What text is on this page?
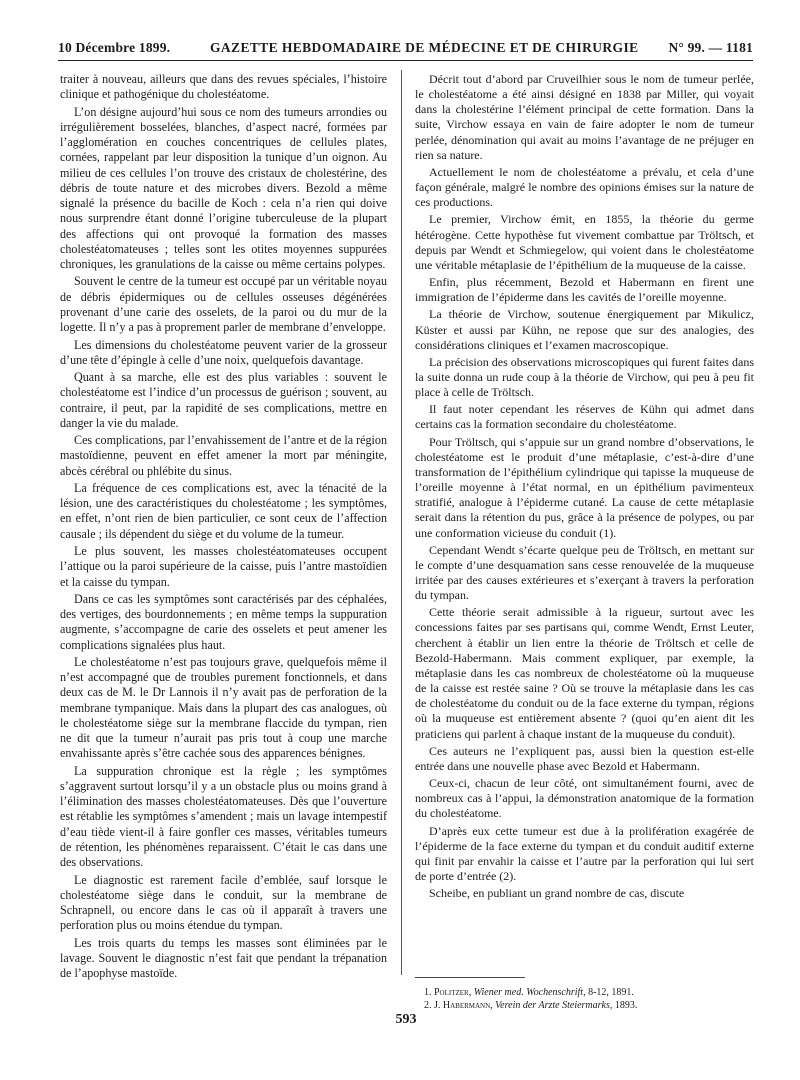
10 Décembre 1899.	GAZETTE HEBDOMADAIRE DE MÉDECINE ET DE CHIRURGIE N° 99. — 1181

traiter à nouveau, ailleurs que dans des revues spéciales, l’histoire clinique et pathogénique du cholestéatome.

L’on désigne aujourd’hui sous ce nom des tumeurs arrondies ou irrégulièrement bosselées, blanches, d’aspect nacré, formées par l’agglomération en couches concentriques de cellules plates, cornées, rappelant par leur disposition la tunique d’un oignon. Au milieu de ces cellules l’on trouve des cristaux de cholestérine, des débris de toute nature et des microbes divers. Bezold a même signalé la présence du bacille de Koch : cela n’a rien qui doive nous surprendre étant donné l’origine tuberculeuse de la plupart des affections qui ont provoqué la formation des masses cholestéatomateuses ; telles sont les otites moyennes suppurées chroniques, les granulations de la caisse ou même certains polypes.

Souvent le centre de la tumeur est occupé par un véritable noyau de débris épidermiques ou de cellules osseuses dégénérées provenant d’une carie des osselets, de la paroi ou du mur de la logette. Il n’y a pas à proprement parler de membrane d’enveloppe.

Les dimensions du cholestéatome peuvent varier de la grosseur d’une tête d’épingle à celle d’une noix, quelquefois davantage.

Quant à sa marche, elle est des plus variables : souvent le cholestéatome est l’indice d’un processus de guérison ; souvent, au contraire, il peut, par la rapidité de ses complications, mettre en danger la vie du malade.

Ces complications, par l’envahissement de l’antre et de la région mastoïdienne, peuvent en effet amener la mort par méningite, abcès cérébral ou phlébite du sinus.

La fréquence de ces complications est, avec la ténacité de la lésion, une des caractéristiques du cholestéatome ; les symptômes, en effet, n’ont rien de bien particulier, ce sont ceux de l’affection causale ; ils dépendent du siège et du volume de la tumeur.

Le plus souvent, les masses cholestéatomateuses occupent l’attique ou la paroi supérieure de la caisse, puis l’antre mastoïdien et la caisse du tympan.

Dans ce cas les symptômes sont caractérisés par des céphalées, des vertiges, des bourdonnements ; en même temps la suppuration augmente, s’accompagne de carie des osselets et peut amener les complications signalées plus haut.

Le cholestéatome n’est pas toujours grave, quelquefois même il n’est accompagné que de troubles purement fonctionnels, et dans deux cas de M. le Dr Lannois il n’y avait pas de perforation de la membrane tympanique. Mais dans la plupart des cas analogues, où le cholestéatome siège sur la membrane flaccide du tympan, rien ne dit que la tumeur n’aurait pas pris tout à coup une marche envahissante après s’être cachée sous des apparences bénignes.

La suppuration chronique est la règle ; les symptômes s’aggravent surtout lorsqu’il y a un obstacle plus ou moins grand à l’élimination des masses cholestéatomateuses. Dès que l’ouverture est rétablie les symptômes s’amendent ; mais un lavage intempestif d’eau tiède vient-il à faire gonfler ces masses, véritables tumeurs de rétention, les phénomènes reparaissent. C’était le cas dans une des observations.

Le diagnostic est rarement facile d’emblée, sauf lorsque le cholestéatome siège dans le conduit, sur la membrane de Schrapnell, ou encore dans le cas où il apparaît à travers une perforation plus ou moins étendue du tympan.

Les trois quarts du temps les masses sont éliminées par le lavage. Souvent le diagnostic n’est fait que pendant la trépanation de l’apophyse mastoïde.

Décrit tout d’abord par Cruveilhier sous le nom de tumeur perlée, le cholestéatome a été ainsi désigné en 1838 par Miller, qui voyait dans la cholestérine l’élément principal de cette formation. Dans la suite, Virchow essaya en vain de faire adopter le nom de tumeur perlée, dénomination qui avait au moins l’avantage de ne préjuger en rien sa nature.

Actuellement le nom de cholestéatome a prévalu, et cela d’une façon générale, malgré le nombre des opinions émises sur la nature de ces productions.

Le premier, Virchow émit, en 1855, la théorie du germe hétérogène. Cette hypothèse fut vivement combattue par Tröltsch, et depuis par Wendt et Schmiegelow, qui voient dans le cholestéatome une véritable métaplasie de l’épithélium de la muqueuse de la caisse.

Enfin, plus récemment, Bezold et Habermann en firent une immigration de l’épiderme dans les cavités de l’oreille moyenne.

La théorie de Virchow, soutenue énergiquement par Mikulicz, Küster et aussi par Kühn, ne repose que sur des analogies, des considérations cliniques et l’examen macroscopique.

La précision des observations microscopiques qui furent faites dans la suite donna un rude coup à la théorie de Virchow, qui peu à peu fit place à celle de Tröltsch.

Il faut noter cependant les réserves de Kühn qui admet dans certains cas la formation secondaire du cholestéatome.

Pour Tröltsch, qui s’appuie sur un grand nombre d’observations, le cholestéatome est le produit d’une métaplasie, c’est-à-dire d’une transformation de l’épithélium cylindrique qui tapisse la muqueuse de l’oreille moyenne à l’état normal, en un épithélium pavimenteux stratifié, analogue à l’épiderme cutané. La cause de cette métaplasie serait dans la rétention du pus, grâce à la présence de polypes, ou par une conformation vicieuse du conduit (1).

Cependant Wendt s’écarte quelque peu de Tröltsch, en mettant sur le compte d’une desquamation sans cesse renouvelée de la muqueuse irritée par des causes extérieures et s’exerçant à travers la perforation du tympan.

Cette théorie serait admissible à la rigueur, surtout avec les concessions faites par ses partisans qui, comme Wendt, Ernst Leuter, cherchent à établir un lien entre la théorie de Tröltsch et celle de Bezold-Habermann. Mais comment expliquer, par exemple, la métaplasie dans les cas nombreux de cholestéatome où la muqueuse de la caisse est restée saine ? Où se trouve la métaplasie dans les cas de cholestéatome du conduit ou de la face externe du tympan, régions où la muqueuse est entièrement absente ? (quoi qu’en aient dit les praticiens qui parlent à chaque instant de la muqueuse du conduit).

Ces auteurs ne l’expliquent pas, aussi bien la question est-elle entrée dans une nouvelle phase avec Bezold et Habermann.

Ceux-ci, chacun de leur côté, ont simultanément fourni, avec de nombreux cas à l’appui, la démonstration anatomique de la formation du cholestéatome.

D’après eux cette tumeur est due à la prolifération exagérée de l’épiderme de la face externe du tympan et du conduit auditif externe qui finit par envahir la caisse et l’autre par la perforation qui lui sert de porte d’entrée (2).

Scheibe, en publiant un grand nombre de cas, discute

1. Politzer, Wiener med. Wochenschrift, 8-12, 1891.
2. J. Habermann, Verein der Arzte Steiermarks, 1893.
593
